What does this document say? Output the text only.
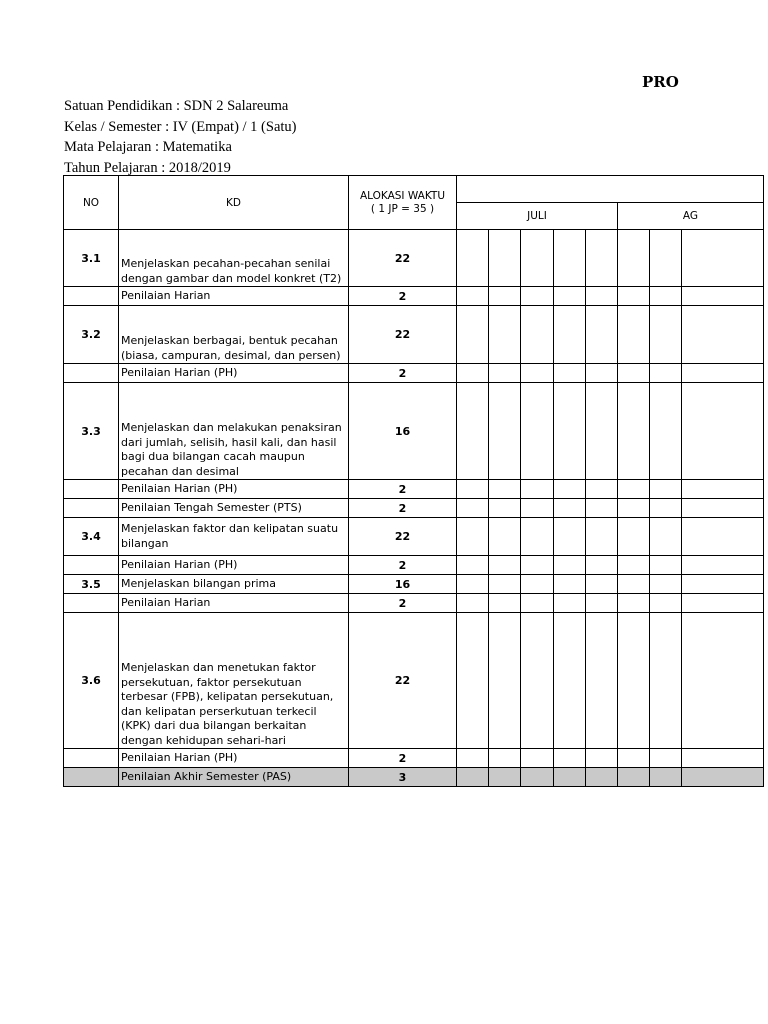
PRO
Satuan Pendidikan : SDN 2 Salareuma
Kelas / Semester : IV (Empat) / 1 (Satu)
Mata Pelajaran : Matematika
Tahun Pelajaran : 2018/2019
NO	KD	ALOKASI WAKTU
( 1 JP = 35 )								

			JULI					AG		
3.1	Menjelaskan pecahan-pecahan senilai dengan gambar dan model konkret (T2)	22								
	Penilaian Harian	2								
3.2	Menjelaskan berbagai, bentuk pecahan (biasa, campuran, desimal, dan persen)	22								
	Penilaian Harian (PH)	2								
3.3	Menjelaskan dan melakukan penaksiran dari jumlah, selisih, hasil kali, dan hasil bagi dua bilangan cacah maupun pecahan dan desimal	16								
	Penilaian Harian (PH)	2								
	Penilaian Tengah Semester (PTS)	2								
3.4	Menjelaskan faktor dan kelipatan suatu bilangan	22								
	Penilaian Harian (PH)	2								
3.5	Menjelaskan bilangan prima	16								
	Penilaian Harian	2								
3.6	Menjelaskan dan menetukan faktor persekutuan, faktor persekutuan terbesar (FPB), kelipatan persekutuan, dan kelipatan perserkutuan terkecil (KPK) dari dua bilangan berkaitan dengan kehidupan sehari-hari	22								
	Penilaian Harian (PH)	2								
	Penilaian Akhir Semester (PAS)	3								
